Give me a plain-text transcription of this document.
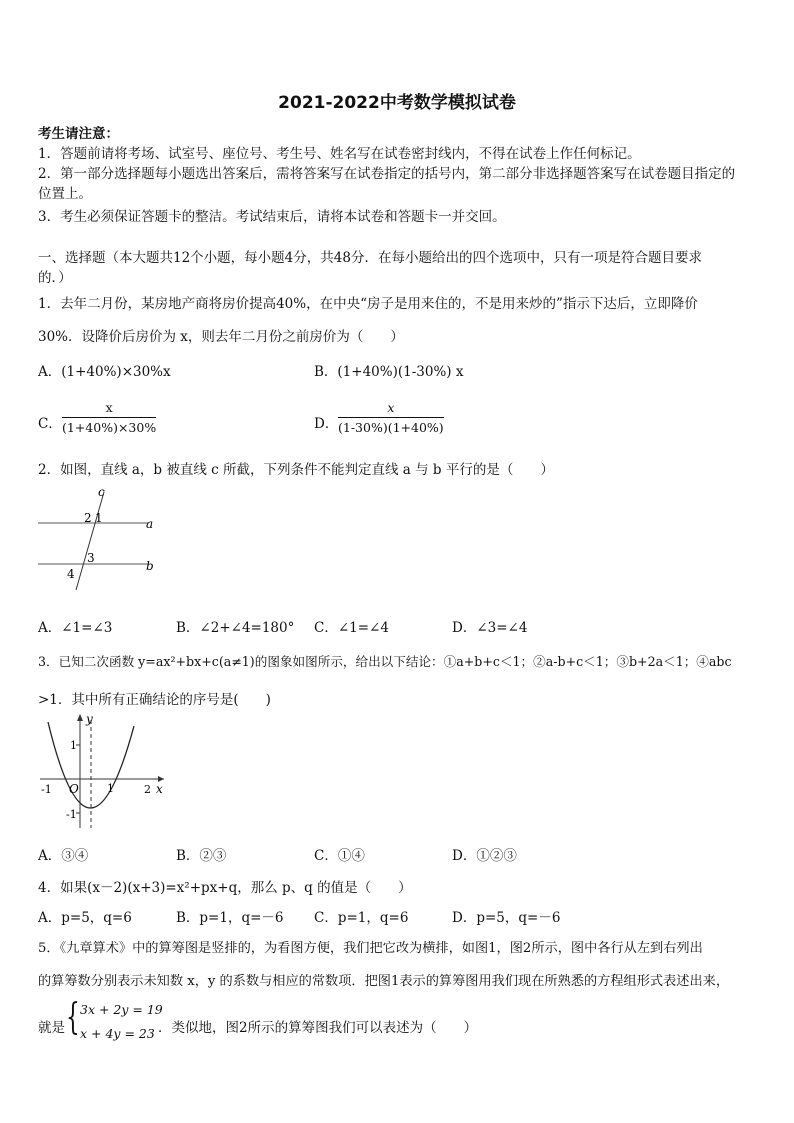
2021-2022中考数学模拟试卷
考生请注意：
1．答题前请将考场、试室号、座位号、考生号、姓名写在试卷密封线内，不得在试卷上作任何标记。
2．第一部分选择题每小题选出答案后，需将答案写在试卷指定的括号内，第二部分非选择题答案写在试卷题目指定的
位置上。
3．考生必须保证答题卡的整洁。考试结束后，请将本试卷和答题卡一并交回。
一、选择题（本大题共12个小题，每小题4分，共48分．在每小题给出的四个选项中，只有一项是符合题目要求
的．）
1．去年二月份，某房地产商将房价提高40%，在中央“房子是用来住的，不是用来炒的”指示下达后，立即降价
30%．设降价后房价为 x，则去年二月份之前房价为（　　）
A．(1+40%)×30%x	B．(1+40%)(1-30%) x
C． $\frac{x}{(1+40\%)\times 30\%}$	D． $\frac{x}{(1-30\%)(1+40\%)}$
2．如图，直线 a，b 被直线 c 所截，下列条件不能判定直线 a 与 b 平行的是（　　）
c
a
b
2 1
3
4
A．∠1=∠3	B．∠2+∠4=180° C．∠1=∠4	D．∠3=∠4
3．已知二次函数 y=ax²+bx+c(a≠1)的图象如图所示，给出以下结论：①a+b+c＜1；②a-b+c＜1；③b+2a＜1；④abc
>1．其中所有正确结论的序号是(　　)
y
x
O
1
-1	1	2
-1
A．③④	B．②③	C．①④	D．①②③
4．如果(x－2)(x+3)=x²+px+q，那么 p、q 的值是（　　）
A．p=5，q=6	B．p=1，q=－6 C．p=1，q=6	D．p=5，q=－6
5．《九章算术》中的算筹图是竖排的，为看图方便，我们把它改为横排，如图1，图2所示，图中各行从左到右列出
的算筹数分别表示未知数 x，y 的系数与相应的常数项．把图1表示的算筹图用我们现在所熟悉的方程组形式表述出来，
就是 { 3x + 2y = 19
x + 4y = 23 ．类似地，图2所示的算筹图我们可以表述为（　　）
